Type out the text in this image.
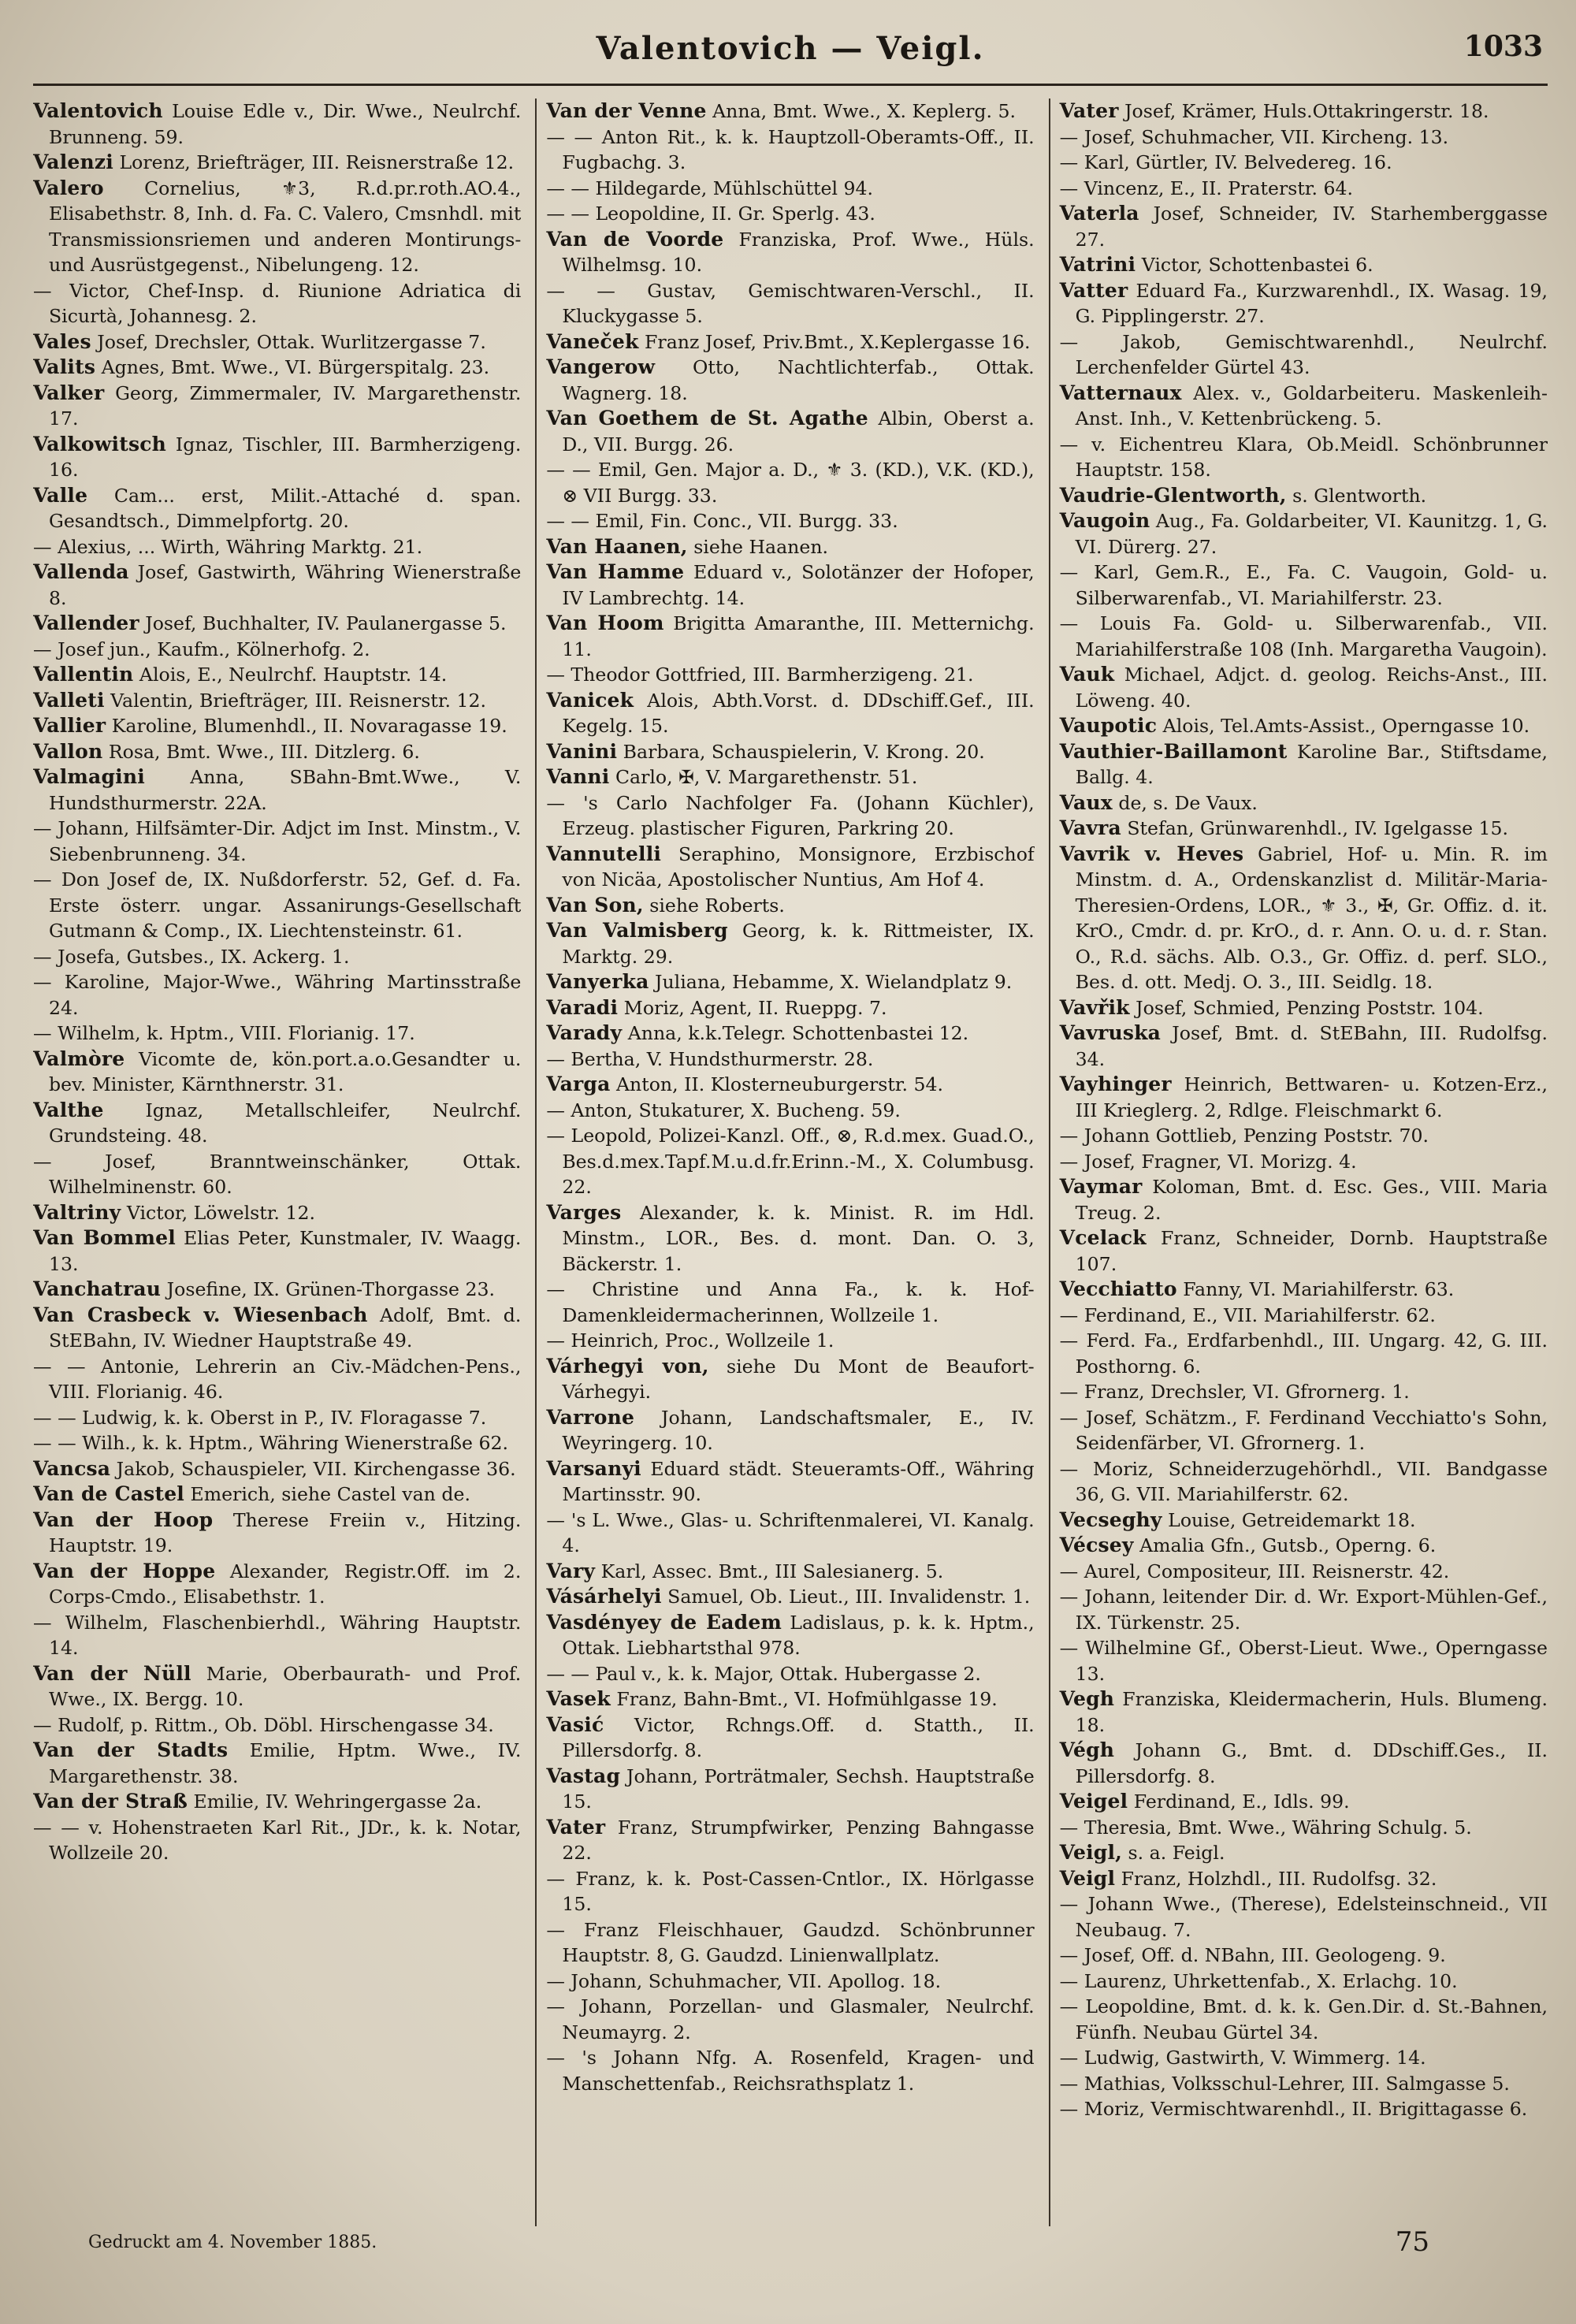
Valentovich — Veigl.	1033

Valentovich Louise Edle v., Dir. Wwe., Neulrchf. Brunneng. 59.

Valenzi Lorenz, Briefträger, III. Reisnerstraße 12.

Valero Cornelius, ⚜3, R.d.pr.roth.AO.4., Elisabethstr. 8, Inh. d. Fa. C. Valero, Cmsnhdl. mit Transmissionsriemen und anderen Montirungs- und Ausrüstgegenst., Nibelungeng. 12.

— Victor, Chef-Insp. d. Riunione Adriatica di Sicurtà, Johannesg. 2.

Vales Josef, Drechsler, Ottak. Wurlitzergasse 7.

Valits Agnes, Bmt. Wwe., VI. Bürgerspitalg. 23.

Valker Georg, Zimmermaler, IV. Margarethenstr. 17.

Valkowitsch Ignaz, Tischler, III. Barmherzigeng. 16.

Valle Cam... erst, Milit.-Attaché d. span. Gesandtsch., Dimmelpfortg. 20.

— Alexius, ... Wirth, Währing Marktg. 21.

Vallenda Josef, Gastwirth, Währing Wienerstraße 8.

Vallender Josef, Buchhalter, IV. Paulanergasse 5.

— Josef jun., Kaufm., Kölnerhofg. 2.

Vallentin Alois, E., Neulrchf. Hauptstr. 14.

Valleti Valentin, Briefträger, III. Reisnerstr. 12.

Vallier Karoline, Blumenhdl., II. Novaragasse 19.

Vallon Rosa, Bmt. Wwe., III. Ditzlerg. 6.

Valmagini Anna, SBahn-Bmt.Wwe., V. Hundsthurmerstr. 22A.

— Johann, Hilfsämter-Dir. Adjct im Inst. Minstm., V. Siebenbrunneng. 34.

— Don Josef de, IX. Nußdorferstr. 52, Gef. d. Fa. Erste österr. ungar. Assanirungs-Gesellschaft Gutmann & Comp., IX. Liechtensteinstr. 61.

— Josefa, Gutsbes., IX. Ackerg. 1.

— Karoline, Major-Wwe., Währing Martinsstraße 24.

— Wilhelm, k. Hptm., VIII. Florianig. 17.

Valmòre Vicomte de, kön.port.a.o.Gesandter u. bev. Minister, Kärnthnerstr. 31.

Valthe Ignaz, Metallschleifer, Neulrchf. Grundsteing. 48.

— Josef, Branntweinschänker, Ottak. Wilhelminenstr. 60.

Valtriny Victor, Löwelstr. 12.

Van Bommel Elias Peter, Kunstmaler, IV. Waagg. 13.

Vanchatrau Josefine, IX. Grünen-Thorgasse 23.

Van Crasbeck v. Wiesenbach Adolf, Bmt. d. StEBahn, IV. Wiedner Hauptstraße 49.

— — Antonie, Lehrerin an Civ.-Mädchen-Pens., VIII. Florianig. 46.

— — Ludwig, k. k. Oberst in P., IV. Floragasse 7.

— — Wilh., k. k. Hptm., Währing Wienerstraße 62.

Vancsa Jakob, Schauspieler, VII. Kirchengasse 36.

Van de Castel Emerich, siehe Castel van de.

Van der Hoop Therese Freiin v., Hitzing. Hauptstr. 19.

Van der Hoppe Alexander, Registr.Off. im 2. Corps-Cmdo., Elisabethstr. 1.

— Wilhelm, Flaschenbierhdl., Währing Hauptstr. 14.

Van der Nüll Marie, Oberbaurath- und Prof. Wwe., IX. Bergg. 10.

— Rudolf, p. Rittm., Ob. Döbl. Hirschengasse 34.

Van der Stadts Emilie, Hptm. Wwe., IV. Margarethenstr. 38.

Van der Straß Emilie, IV. Wehringergasse 2a.

— — v. Hohenstraeten Karl Rit., JDr., k. k. Notar, Wollzeile 20.

Van der Venne Anna, Bmt. Wwe., X. Keplerg. 5.

— — Anton Rit., k. k. Hauptzoll-Oberamts-Off., II. Fugbachg. 3.

— — Hildegarde, Mühlschüttel 94.

— — Leopoldine, II. Gr. Sperlg. 43.

Van de Voorde Franziska, Prof. Wwe., Hüls. Wilhelmsg. 10.

— — Gustav, Gemischtwaren-Verschl., II. Kluckygasse 5.

Vaneček Franz Josef, Priv.Bmt., X.Keplergasse 16.

Vangerow Otto, Nachtlichterfab., Ottak. Wagnerg. 18.

Van Goethem de St. Agathe Albin, Oberst a. D., VII. Burgg. 26.

— — Emil, Gen. Major a. D., ⚜ 3. (KD.), V.K. (KD.), ⊗ VII Burgg. 33.

— — Emil, Fin. Conc., VII. Burgg. 33.

Van Haanen, siehe Haanen.

Van Hamme Eduard v., Solotänzer der Hofoper, IV Lambrechtg. 14.

Van Hoom Brigitta Amaranthe, III. Metternichg. 11.

— Theodor Gottfried, III. Barmherzigeng. 21.

Vanicek Alois, Abth.Vorst. d. DDschiff.Gef., III. Kegelg. 15.

Vanini Barbara, Schauspielerin, V. Krong. 20.

Vanni Carlo, ✠, V. Margarethenstr. 51.

— 's Carlo Nachfolger Fa. (Johann Küchler), Erzeug. plastischer Figuren, Parkring 20.

Vannutelli Seraphino, Monsignore, Erzbischof von Nicäa, Apostolischer Nuntius, Am Hof 4.

Van Son, siehe Roberts.

Van Valmisberg Georg, k. k. Rittmeister, IX. Marktg. 29.

Vanyerka Juliana, Hebamme, X. Wielandplatz 9.

Varadi Moriz, Agent, II. Rueppg. 7.

Varady Anna, k.k.Telegr. Schottenbastei 12.

— Bertha, V. Hundsthurmerstr. 28.

Varga Anton, II. Klosterneuburgerstr. 54.

— Anton, Stukaturer, X. Bucheng. 59.

— Leopold, Polizei-Kanzl. Off., ⊗, R.d.mex. Guad.O., Bes.d.mex.Tapf.M.u.d.fr.Erinn.-M., X. Columbusg. 22.

Varges Alexander, k. k. Minist. R. im Hdl. Minstm., LOR., Bes. d. mont. Dan. O. 3, Bäckerstr. 1.

— Christine und Anna Fa., k. k. Hof-Damenkleidermacherinnen, Wollzeile 1.

— Heinrich, Proc., Wollzeile 1.

Várhegyi von, siehe Du Mont de Beaufort-Várhegyi.

Varrone Johann, Landschaftsmaler, E., IV. Weyringerg. 10.

Varsanyi Eduard städt. Steueramts-Off., Währing Martinsstr. 90.

— 's L. Wwe., Glas- u. Schriftenmalerei, VI. Kanalg. 4.

Vary Karl, Assec. Bmt., III Salesianerg. 5.

Vásárhelyi Samuel, Ob. Lieut., III. Invalidenstr. 1.

Vasdényey de Eadem Ladislaus, p. k. k. Hptm., Ottak. Liebhartsthal 978.

— — Paul v., k. k. Major, Ottak. Hubergasse 2.

Vasek Franz, Bahn-Bmt., VI. Hofmühlgasse 19.

Vasić Victor, Rchngs.Off. d. Statth., II. Pillersdorfg. 8.

Vastag Johann, Porträtmaler, Sechsh. Hauptstraße 15.

Vater Franz, Strumpfwirker, Penzing Bahngasse 22.

— Franz, k. k. Post-Cassen-Cntlor., IX. Hörlgasse 15.

— Franz Fleischhauer, Gaudzd. Schönbrunner Hauptstr. 8, G. Gaudzd. Linienwallplatz.

— Johann, Schuhmacher, VII. Apollog. 18.

— Johann, Porzellan- und Glasmaler, Neulrchf. Neumayrg. 2.

— 's Johann Nfg. A. Rosenfeld, Kragen- und Manschettenfab., Reichsrathsplatz 1.

Vater Josef, Krämer, Huls.Ottakringerstr. 18.

— Josef, Schuhmacher, VII. Kircheng. 13.

— Karl, Gürtler, IV. Belvedereg. 16.

— Vincenz, E., II. Praterstr. 64.

Vaterla Josef, Schneider, IV. Starhemberggasse 27.

Vatrini Victor, Schottenbastei 6.

Vatter Eduard Fa., Kurzwarenhdl., IX. Wasag. 19, G. Pipplingerstr. 27.

— Jakob, Gemischtwarenhdl., Neulrchf. Lerchenfelder Gürtel 43.

Vatternaux Alex. v., Goldarbeiteru. Maskenleih-Anst. Inh., V. Kettenbrückeng. 5.

— v. Eichentreu Klara, Ob.Meidl. Schönbrunner Hauptstr. 158.

Vaudrie-Glentworth, s. Glentworth.

Vaugoin Aug., Fa. Goldarbeiter, VI. Kaunitzg. 1, G. VI. Dürerg. 27.

— Karl, Gem.R., E., Fa. C. Vaugoin, Gold- u. Silberwarenfab., VI. Mariahilferstr. 23.

— Louis Fa. Gold- u. Silberwarenfab., VII. Mariahilferstraße 108 (Inh. Margaretha Vaugoin).

Vauk Michael, Adjct. d. geolog. Reichs-Anst., III. Löweng. 40.

Vaupotic Alois, Tel.Amts-Assist., Operngasse 10.

Vauthier-Baillamont Karoline Bar., Stiftsdame, Ballg. 4.

Vaux de, s. De Vaux.

Vavra Stefan, Grünwarenhdl., IV. Igelgasse 15.

Vavrik v. Heves Gabriel, Hof- u. Min. R. im Minstm. d. A., Ordenskanzlist d. Militär-Maria-Theresien-Ordens, LOR., ⚜ 3., ✠, Gr. Offiz. d. it. KrO., Cmdr. d. pr. KrO., d. r. Ann. O. u. d. r. Stan. O., R.d. sächs. Alb. O.3., Gr. Offiz. d. perf. SLO., Bes. d. ott. Medj. O. 3., III. Seidlg. 18.

Vavřik Josef, Schmied, Penzing Poststr. 104.

Vavruska Josef, Bmt. d. StEBahn, III. Rudolfsg. 34.

Vayhinger Heinrich, Bettwaren- u. Kotzen-Erz., III Krieglerg. 2, Rdlge. Fleischmarkt 6.

— Johann Gottlieb, Penzing Poststr. 70.

— Josef, Fragner, VI. Morizg. 4.

Vaymar Koloman, Bmt. d. Esc. Ges., VIII. Maria Treug. 2.

Vcelack Franz, Schneider, Dornb. Hauptstraße 107.

Vecchiatto Fanny, VI. Mariahilferstr. 63.

— Ferdinand, E., VII. Mariahilferstr. 62.

— Ferd. Fa., Erdfarbenhdl., III. Ungarg. 42, G. III. Posthorng. 6.

— Franz, Drechsler, VI. Gfrornerg. 1.

— Josef, Schätzm., F. Ferdinand Vecchiatto's Sohn, Seidenfärber, VI. Gfrornerg. 1.

— Moriz, Schneiderzugehörhdl., VII. Bandgasse 36, G. VII. Mariahilferstr. 62.

Vecseghy Louise, Getreidemarkt 18.

Vécsey Amalia Gfn., Gutsb., Operng. 6.

— Aurel, Compositeur, III. Reisnerstr. 42.

— Johann, leitender Dir. d. Wr. Export-Mühlen-Gef., IX. Türkenstr. 25.

— Wilhelmine Gf., Oberst-Lieut. Wwe., Operngasse 13.

Vegh Franziska, Kleidermacherin, Huls. Blumeng. 18.

Végh Johann G., Bmt. d. DDschiff.Ges., II. Pillersdorfg. 8.

Veigel Ferdinand, E., Idls. 99.

— Theresia, Bmt. Wwe., Währing Schulg. 5.

Veigl, s. a. Feigl.

Veigl Franz, Holzhdl., III. Rudolfsg. 32.

— Johann Wwe., (Therese), Edelsteinschneid., VII Neubaug. 7.

— Josef, Off. d. NBahn, III. Geologeng. 9.

— Laurenz, Uhrkettenfab., X. Erlachg. 10.

— Leopoldine, Bmt. d. k. k. Gen.Dir. d. St.-Bahnen, Fünfh. Neubau Gürtel 34.

— Ludwig, Gastwirth, V. Wimmerg. 14.

— Mathias, Volksschul-Lehrer, III. Salmgasse 5.

— Moriz, Vermischtwarenhdl., II. Brigittagasse 6.

Gedruckt am 4. November 1885.	75
